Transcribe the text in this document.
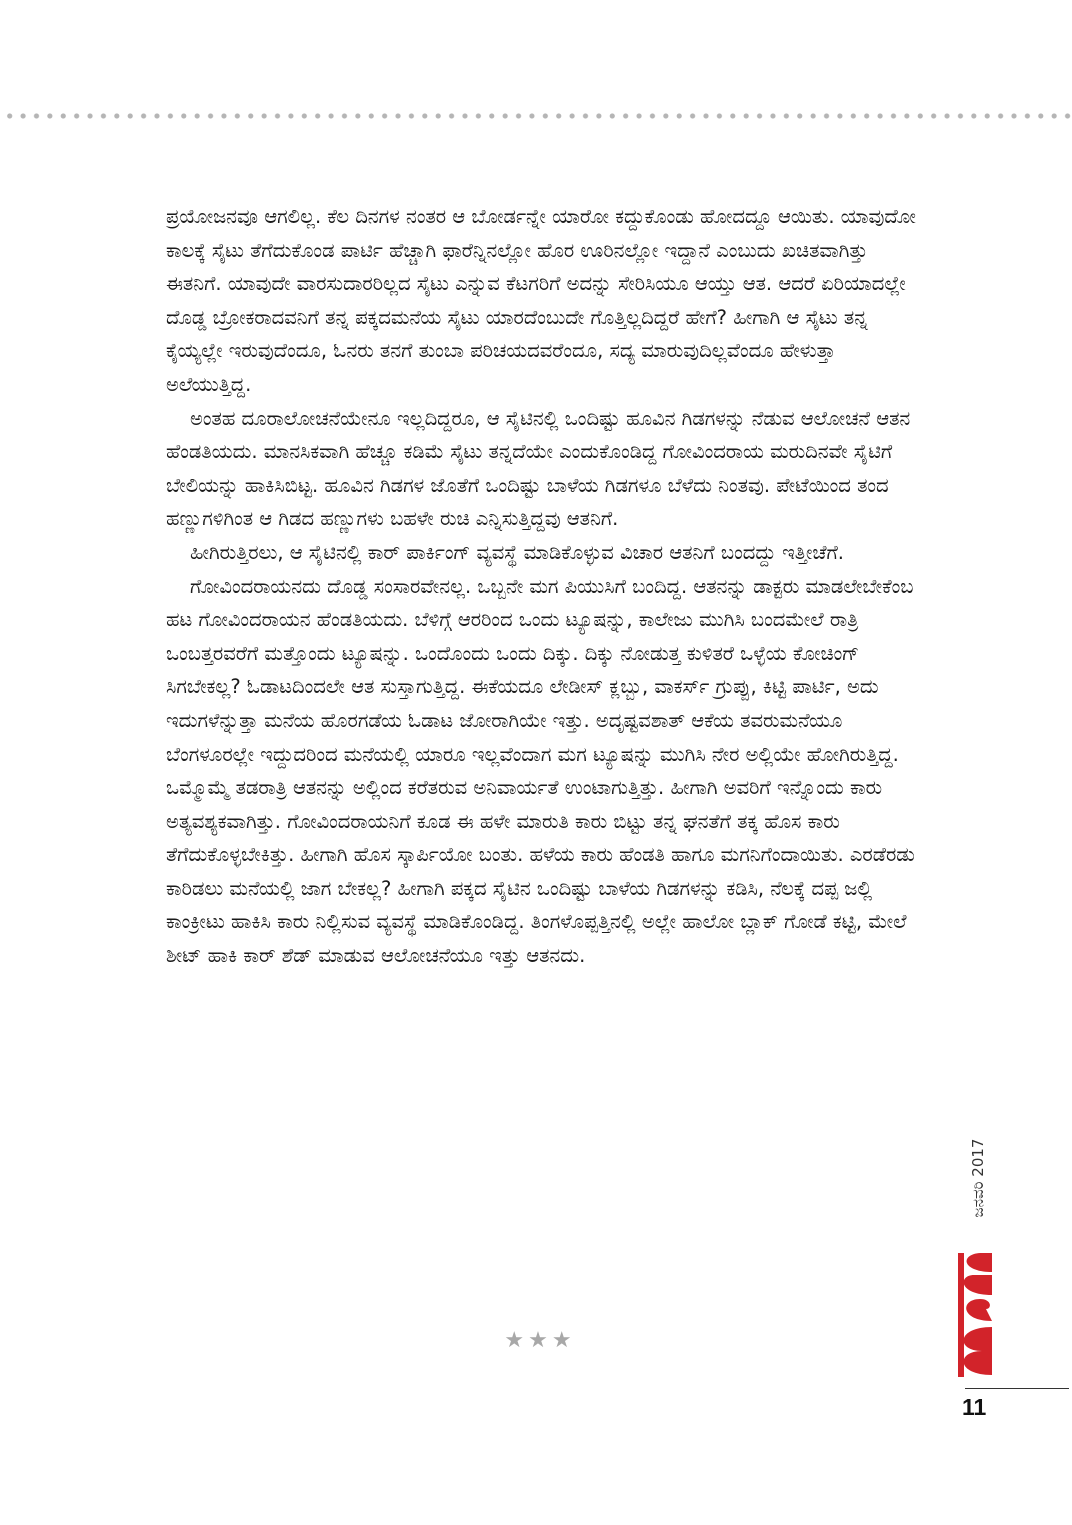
ಪ್ರಯೋಜನವೂ ಆಗಲಿಲ್ಲ. ಕೆಲ ದಿನಗಳ ನಂತರ ಆ ಬೋರ್ಡನ್ನೇ ಯಾರೋ ಕದ್ದುಕೊಂಡು ಹೋದದ್ದೂ ಆಯಿತು. ಯಾವುದೋ ಕಾಲಕ್ಕೆ ಸೈಟು ತೆಗೆದುಕೊಂಡ ಪಾರ್ಟಿ ಹೆಚ್ಚಾಗಿ ಫಾರೆನ್ನಿನಲ್ಲೋ ಹೊರ ಊರಿನಲ್ಲೋ ಇದ್ದಾನೆ ಎಂಬುದು ಖಚಿತವಾಗಿತ್ತು ಈತನಿಗೆ. ಯಾವುದೇ ವಾರಸುದಾರರಿಲ್ಲದ ಸೈಟು ಎನ್ನುವ ಕೆಟಗರಿಗೆ ಅದನ್ನು ಸೇರಿಸಿಯೂ ಆಯ್ತು ಆತ. ಆದರೆ ಏರಿಯಾದಲ್ಲೇ ದೊಡ್ಡ ಬ್ರೋಕರಾದವನಿಗೆ ತನ್ನ ಪಕ್ಕದಮನೆಯ ಸೈಟು ಯಾರದೆಂಬುದೇ ಗೊತ್ತಿಲ್ಲದಿದ್ದರೆ ಹೇಗೆ? ಹೀಗಾಗಿ ಆ ಸೈಟು ತನ್ನ ಕೈಯ್ಯಲ್ಲೇ ಇರುವುದೆಂದೂ, ಓನರು ತನಗೆ ತುಂಬಾ ಪರಿಚಯದವರೆಂದೂ, ಸದ್ಯ ಮಾರುವುದಿಲ್ಲವೆಂದೂ ಹೇಳುತ್ತಾ ಅಲೆಯುತ್ತಿದ್ದ.

ಅಂತಹ ದೂರಾಲೋಚನೆಯೇನೂ ಇಲ್ಲದಿದ್ದರೂ, ಆ ಸೈಟಿನಲ್ಲಿ ಒಂದಿಷ್ಟು ಹೂವಿನ ಗಿಡಗಳನ್ನು ನೆಡುವ ಆಲೋಚನೆ ಆತನ ಹೆಂಡತಿಯದು. ಮಾನಸಿಕವಾಗಿ ಹೆಚ್ಚೂ ಕಡಿಮೆ ಸೈಟು ತನ್ನದೆಯೇ ಎಂದುಕೊಂಡಿದ್ದ ಗೋವಿಂದರಾಯ ಮರುದಿನವೇ ಸೈಟಿಗೆ ಬೇಲಿಯನ್ನು ಹಾಕಿಸಿಬಿಟ್ಟ. ಹೂವಿನ ಗಿಡಗಳ ಜೊತೆಗೆ ಒಂದಿಷ್ಟು ಬಾಳೆಯ ಗಿಡಗಳೂ ಬೆಳೆದು ನಿಂತವು. ಪೇಟೆಯಿಂದ ತಂದ ಹಣ್ಣುಗಳಿಗಿಂತ ಆ ಗಿಡದ ಹಣ್ಣುಗಳು ಬಹಳೇ ರುಚಿ ಎನ್ನಿಸುತ್ತಿದ್ದವು ಆತನಿಗೆ.

ಹೀಗಿರುತ್ತಿರಲು, ಆ ಸೈಟಿನಲ್ಲಿ ಕಾರ್ ಪಾರ್ಕಿಂಗ್ ವ್ಯವಸ್ಥೆ ಮಾಡಿಕೊಳ್ಳುವ ವಿಚಾರ ಆತನಿಗೆ ಬಂದದ್ದು ಇತ್ತೀಚೆಗೆ.

ಗೋವಿಂದರಾಯನದು ದೊಡ್ಡ ಸಂಸಾರವೇನಲ್ಲ. ಒಬ್ಬನೇ ಮಗ ಪಿಯುಸಿಗೆ ಬಂದಿದ್ದ. ಆತನನ್ನು ಡಾಕ್ಟರು ಮಾಡಲೇಬೇಕೆಂಬ ಹಟ ಗೋವಿಂದರಾಯನ ಹೆಂಡತಿಯದು. ಬೆಳಿಗ್ಗೆ ಆರರಿಂದ ಒಂದು ಟ್ಯೂಷನ್ನು, ಕಾಲೇಜು ಮುಗಿಸಿ ಬಂದಮೇಲೆ ರಾತ್ರಿ ಒಂಬತ್ತರವರೆಗೆ ಮತ್ತೊಂದು ಟ್ಯೂಷನ್ನು. ಒಂದೊಂದು ಒಂದು ದಿಕ್ಕು. ದಿಕ್ಕು ನೋಡುತ್ತ ಕುಳಿತರೆ ಒಳ್ಳೆಯ ಕೋಚಿಂಗ್ ಸಿಗಬೇಕಲ್ಲ? ಓಡಾಟದಿಂದಲೇ ಆತ ಸುಸ್ತಾಗುತ್ತಿದ್ದ. ಈಕೆಯದೂ ಲೇಡೀಸ್ ಕ್ಲಬ್ಬು, ವಾಕರ್ಸ್ ಗ್ರುಪ್ಪು, ಕಿಟ್ಟಿ ಪಾರ್ಟಿ, ಅದು ಇದುಗಳೆನ್ನುತ್ತಾ ಮನೆಯ ಹೊರಗಡೆಯ ಓಡಾಟ ಜೋರಾಗಿಯೇ ಇತ್ತು. ಅದೃಷ್ಟವಶಾತ್ ಆಕೆಯ ತವರುಮನೆಯೂ ಬೆಂಗಳೂರಲ್ಲೇ ಇದ್ದುದರಿಂದ ಮನೆಯಲ್ಲಿ ಯಾರೂ ಇಲ್ಲವೆಂದಾಗ ಮಗ ಟ್ಯೂಷನ್ನು ಮುಗಿಸಿ ನೇರ ಅಲ್ಲಿಯೇ ಹೋಗಿರುತ್ತಿದ್ದ. ಒಮ್ಮೊಮ್ಮೆ ತಡರಾತ್ರಿ ಆತನನ್ನು ಅಲ್ಲಿಂದ ಕರೆತರುವ ಅನಿವಾರ್ಯತೆ ಉಂಟಾಗುತ್ತಿತ್ತು. ಹೀಗಾಗಿ ಅವರಿಗೆ ಇನ್ನೊಂದು ಕಾರು ಅತ್ಯವಶ್ಯಕವಾಗಿತ್ತು. ಗೋವಿಂದರಾಯನಿಗೆ ಕೂಡ ಈ ಹಳೇ ಮಾರುತಿ ಕಾರು ಬಿಟ್ಟು ತನ್ನ ಘನತೆಗೆ ತಕ್ಕ ಹೊಸ ಕಾರು ತೆಗೆದುಕೊಳ್ಳಬೇಕಿತ್ತು. ಹೀಗಾಗಿ ಹೊಸ ಸ್ಕಾರ್ಪಿಯೋ ಬಂತು. ಹಳೆಯ ಕಾರು ಹೆಂಡತಿ ಹಾಗೂ ಮಗನಿಗೆಂದಾಯಿತು. ಎರಡೆರಡು ಕಾರಿಡಲು ಮನೆಯಲ್ಲಿ ಜಾಗ ಬೇಕಲ್ಲ? ಹೀಗಾಗಿ ಪಕ್ಕದ ಸೈಟಿನ ಒಂದಿಷ್ಟು ಬಾಳೆಯ ಗಿಡಗಳನ್ನು ಕಡಿಸಿ, ನೆಲಕ್ಕೆ ದಪ್ಪ ಜಲ್ಲಿ ಕಾಂಕ್ರೀಟು ಹಾಕಿಸಿ ಕಾರು ನಿಲ್ಲಿಸುವ ವ್ಯವಸ್ಥೆ ಮಾಡಿಕೊಂಡಿದ್ದ. ತಿಂಗಳೊಪ್ಪತ್ತಿನಲ್ಲಿ ಅಲ್ಲೇ ಹಾಲೋ ಬ್ಲಾಕ್ ಗೋಡೆ ಕಟ್ಟಿ, ಮೇಲೆ ಶೀಟ್ ಹಾಕಿ ಕಾರ್ ಶೆಡ್ ಮಾಡುವ ಆಲೋಚನೆಯೂ ಇತ್ತು ಆತನದು.

★★★
ಜನವರಿ 2017
11
